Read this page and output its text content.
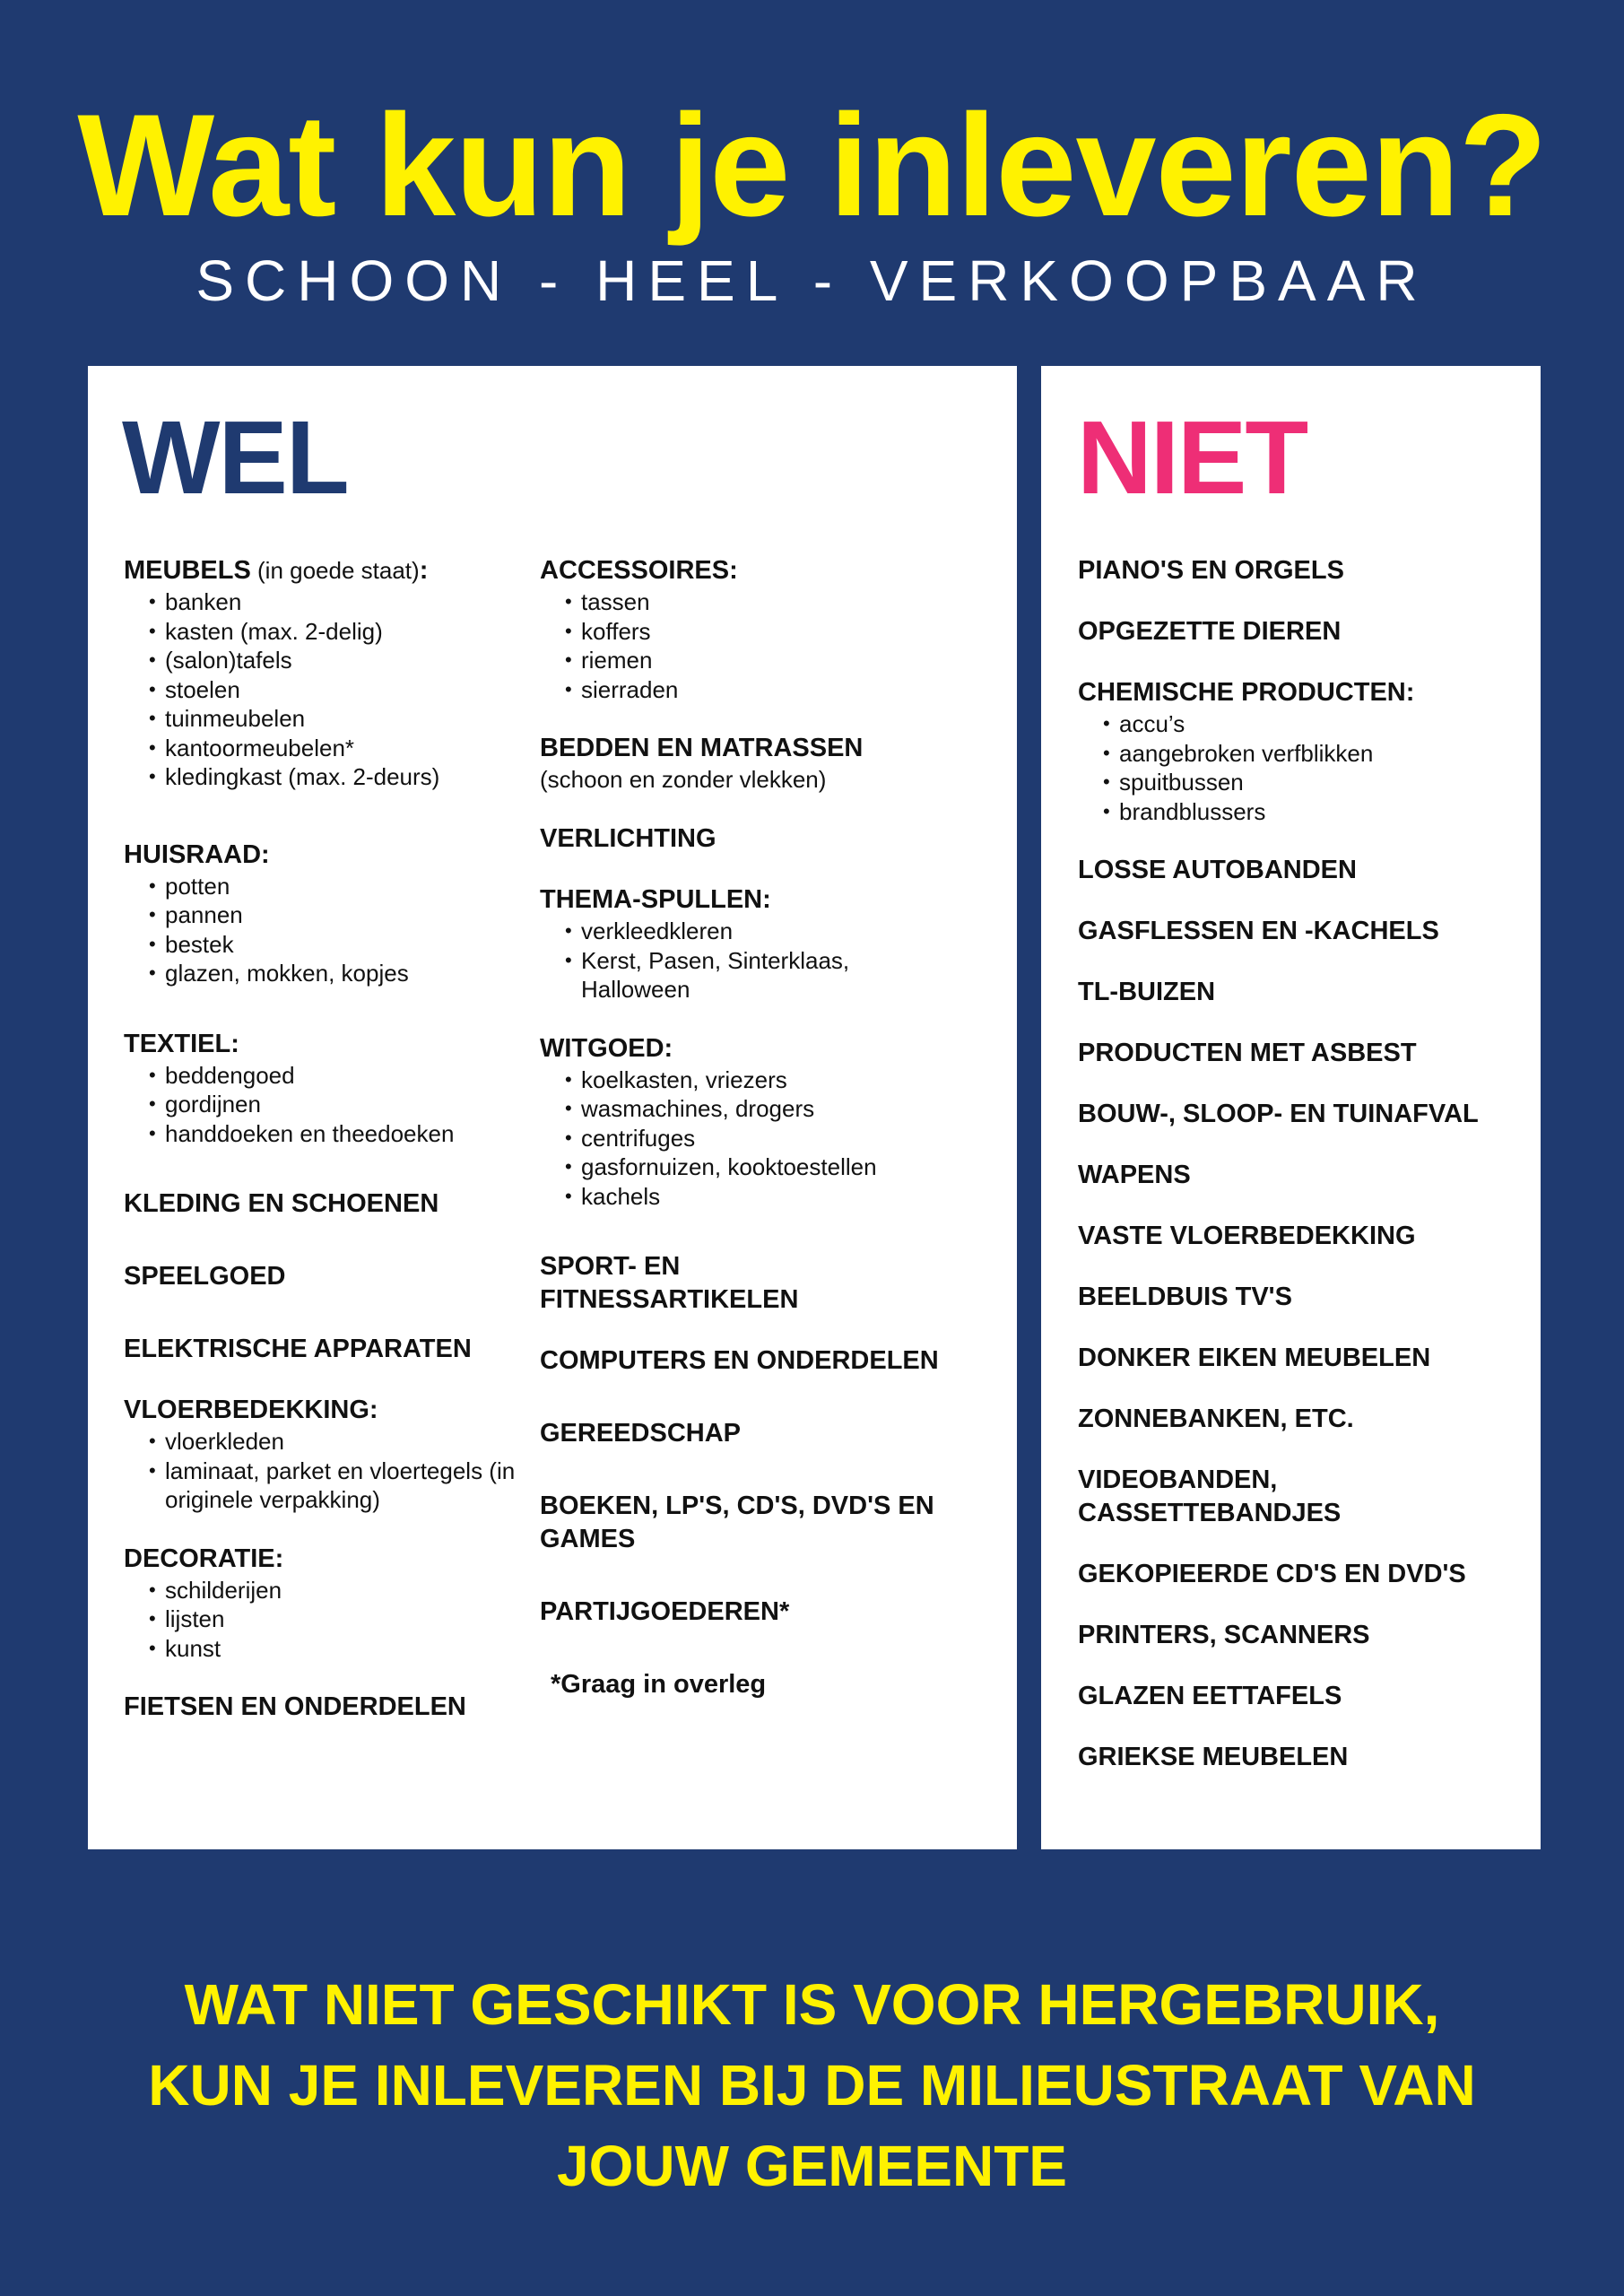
Wat kun je inleveren?

SCHOON - HEEL - VERKOOPBAAR

WEL

MEUBELS (in goede staat):

• banken
• kasten (max. 2-delig)
• (salon)tafels
• stoelen
• tuinmeubelen
• kantoormeubelen*
• kledingkast (max. 2-deurs)

HUISRAAD:

• potten
• pannen
• bestek
• glazen, mokken, kopjes

TEXTIEL:

• beddengoed
• gordijnen
• handdoeken en theedoeken

KLEDING EN SCHOENEN

SPEELGOED

ELEKTRISCHE APPARATEN

VLOERBEDEKKING:

• vloerkleden
• laminaat, parket en vloertegels (in originele verpakking)

DECORATIE:

• schilderijen
• lijsten
• kunst

FIETSEN EN ONDERDELEN

ACCESSOIRES:

• tassen
• koffers
• riemen
• sierraden

BEDDEN EN MATRASSEN

(schoon en zonder vlekken)

VERLICHTING

THEMA-SPULLEN:

• verkleedkleren
• Kerst, Pasen, Sinterklaas, Halloween

WITGOED:

• koelkasten, vriezers
• wasmachines, drogers
• centrifuges
• gasfornuizen, kooktoestellen
• kachels

SPORT- EN FITNESSARTIKELEN

COMPUTERS EN ONDERDELEN

GEREEDSCHAP

BOEKEN, LP'S, CD'S, DVD'S EN GAMES

PARTIJGOEDEREN*

*Graag in overleg

NIET

PIANO'S EN ORGELS

OPGEZETTE DIEREN

CHEMISCHE PRODUCTEN:

• accu’s
• aangebroken verfblikken
• spuitbussen
• brandblussers

LOSSE AUTOBANDEN

GASFLESSEN EN -KACHELS

TL-BUIZEN

PRODUCTEN MET ASBEST

BOUW-, SLOOP- EN TUINAFVAL

WAPENS

VASTE VLOERBEDEKKING

BEELDBUIS TV'S

DONKER EIKEN MEUBELEN

ZONNEBANKEN, ETC.

VIDEOBANDEN, CASSETTEBANDJES

GEKOPIEERDE CD'S EN DVD'S

PRINTERS, SCANNERS

GLAZEN EETTAFELS

GRIEKSE MEUBELEN

WAT NIET GESCHIKT IS VOOR HERGEBRUIK,
KUN JE INLEVEREN BIJ DE MILIEUSTRAAT VAN
JOUW GEMEENTE
